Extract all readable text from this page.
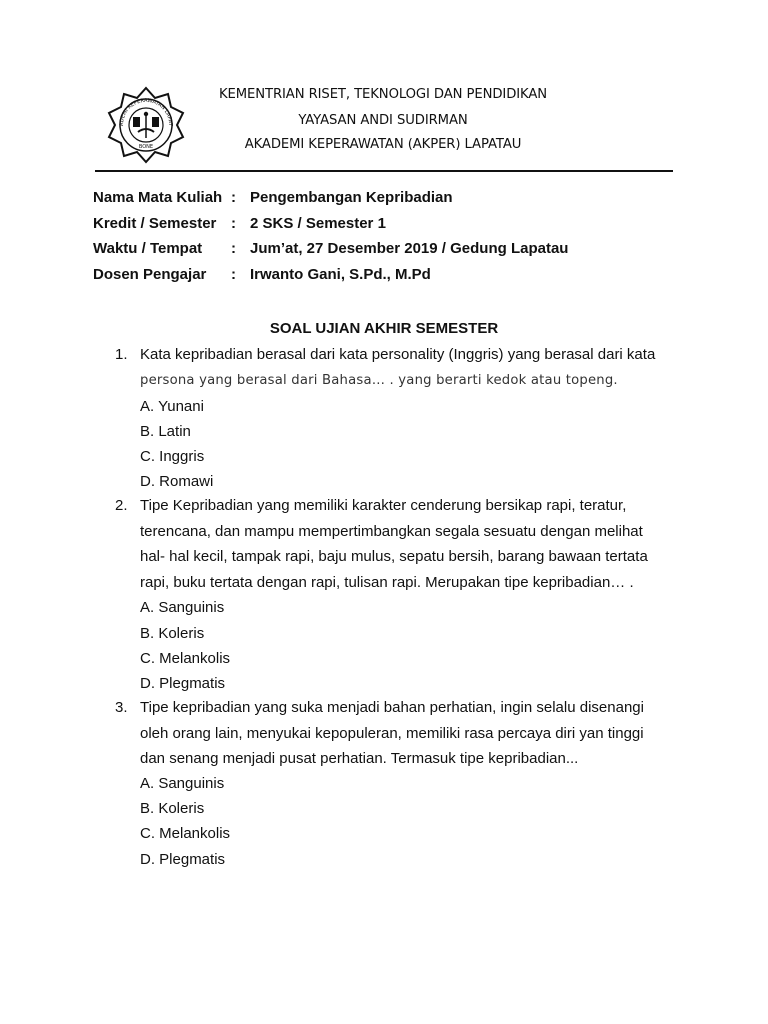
ADEMI KEPERAWATAN LAPAT
BONE
KEMENTRIAN RISET, TEKNOLOGI DAN PENDIDIKAN
YAYASAN ANDI SUDIRMAN
AKADEMI KEPERAWATAN (AKPER) LAPATAU
Nama Mata Kuliah : Pengembangan Kepribadian
Kredit / Semester : 2 SKS / Semester 1
Waktu / Tempat : Jum’at, 27 Desember 2019 / Gedung Lapatau
Dosen Pengajar : Irwanto Gani, S.Pd., M.Pd
SOAL UJIAN AKHIR SEMESTER
1. Kata kepribadian berasal dari kata personality (Inggris) yang berasal dari kata
persona yang berasal dari Bahasa… . yang berarti kedok atau topeng.
A. Yunani
B. Latin
C. Inggris
D. Romawi
2. Tipe Kepribadian yang memiliki karakter cenderung bersikap rapi, teratur,
terencana, dan mampu mempertimbangkan segala sesuatu dengan melihat
hal- hal kecil, tampak rapi, baju mulus, sepatu bersih, barang bawaan tertata
rapi, buku tertata dengan rapi, tulisan rapi. Merupakan tipe kepribadian… .
A. Sanguinis
B. Koleris
C. Melankolis
D. Plegmatis
3. Tipe kepribadian yang suka menjadi bahan perhatian, ingin selalu disenangi
oleh orang lain, menyukai kepopuleran, memiliki rasa percaya diri yan tinggi
dan senang menjadi pusat perhatian. Termasuk tipe kepribadian...
A. Sanguinis
B. Koleris
C. Melankolis
D. Plegmatis
